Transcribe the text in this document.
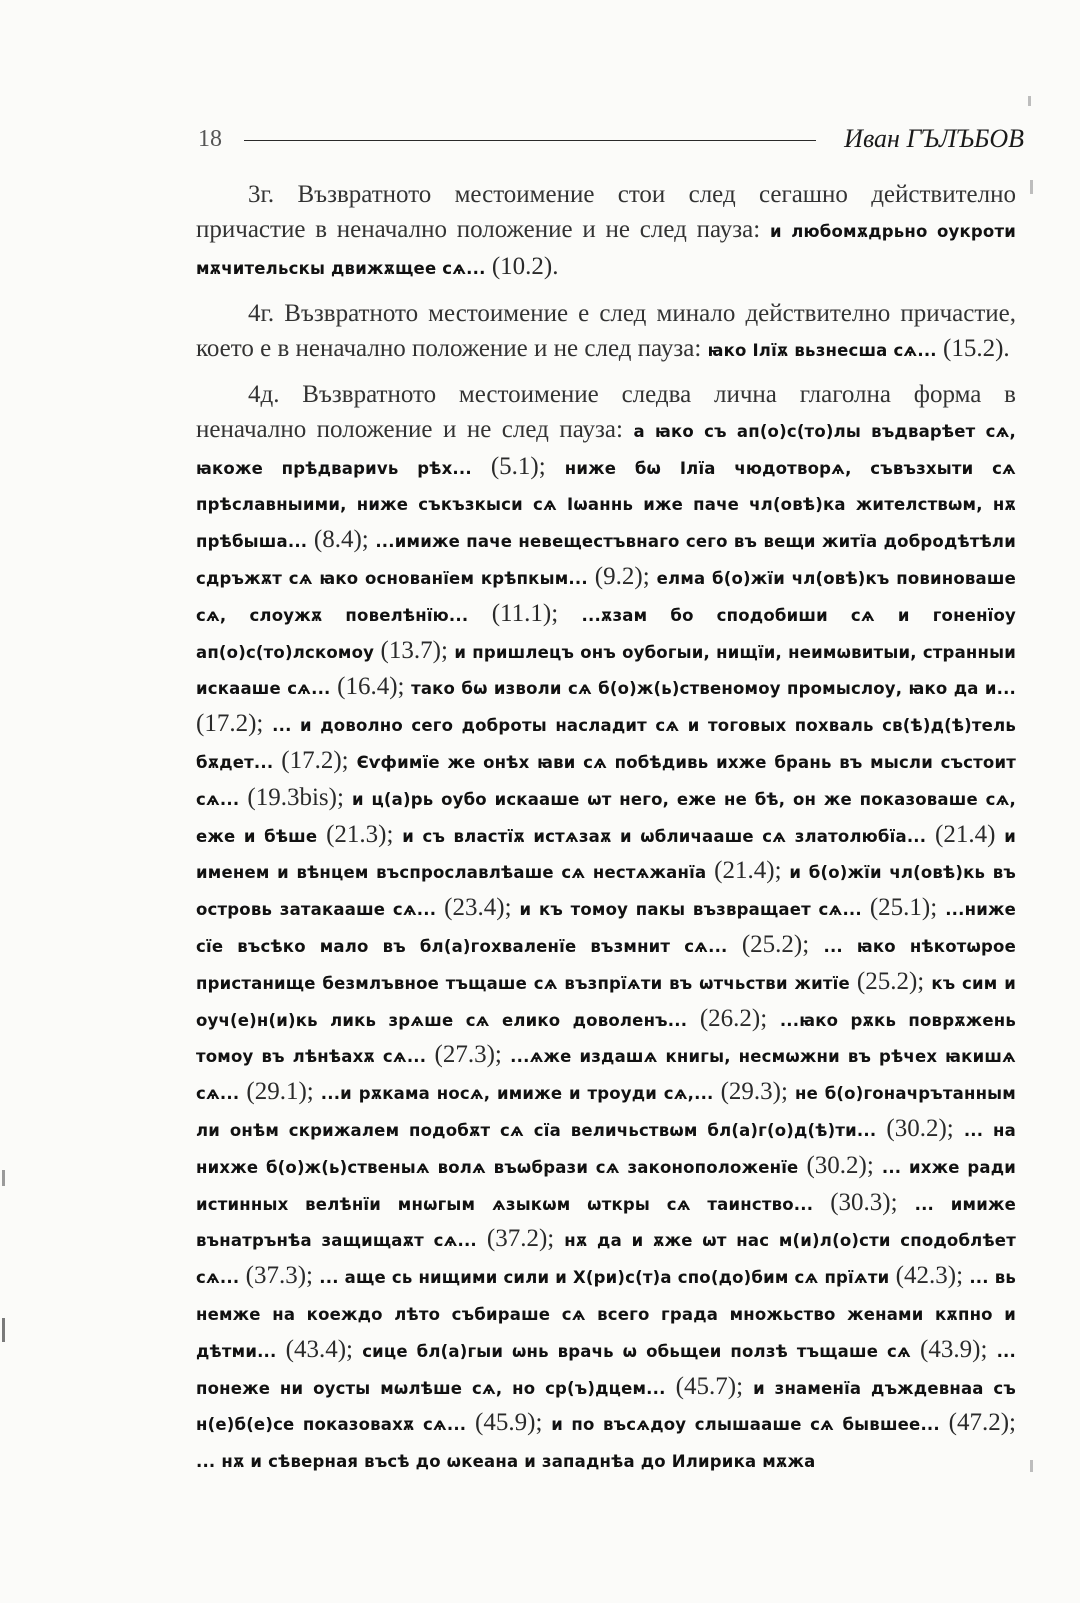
18	Иван ГЪЛЪБОВ

3г. Възвратното местоимение стои след сегашно действително причастие в неначално положение и не след пауза: и любомѫдрьно оукроти мѫчительскы движѫщее сѧ... (10.2).

4г. Възвратното местоимение е след минало действително причастие, което е в неначално положение и не след пауза: ꙗко Ιлїѫ вьзнесша сѧ... (15.2).

4д. Възвратното местоимение следва лична глаголна форма в неначално положение и не след пауза: а ꙗко съ ап(о)с(то)лы въдварѣет сѧ, ꙗкоже прѣдвариvь рѣх... (5.1); ниже бѡ Ιлїа чюдотворѧ, съвъзхыти сѧ прѣславныими, ниже съкъзкыси сѧ Ιѡаннь иже паче чл(овѣ)ка жителствѡм, нѫ прѣбыша... (8.4); ...имиже паче невещестъвнаго сего въ вещи житїа добродѣтѣли сдръжѫт сѧ ꙗко основанїем крѣпкым... (9.2); елма б(о)жїи чл(овѣ)къ повиноваше сѧ, слоужѫ повелѣнїю... (11.1); ...ѫзам бо сподобиши сѧ и гоненїоу ап(о)с(то)лскомоу (13.7); и пришлецъ онъ оубогыи, нищїи, неимѡвитыи, странныи искааше сѧ... (16.4); тако бѡ изволи сѧ б(о)ж(ь)ственомоу промыслоу, ꙗко да и... (17.2); ... и доволно сего доброты насладит сѧ и тоговых похваль св(ѣ)д(ѣ)тель бѫдет... (17.2); Єѵфимїе же онѣх ꙗви сѧ побѣдивь ихже брань въ мысли състоит сѧ... (19.3bis); и ц(а)рь оубо искааше ѡт него, еже не бѣ, он же показоваше сѧ, еже и бѣше (21.3); и съ властїѫ истѧзаѫ и ѡбличааше сѧ златолюбїа... (21.4) и именем и вѣнцем въспрославлѣаше сѧ нестѧжанїа (21.4); и б(о)жїи чл(овѣ)кь въ островь затакааше сѧ... (23.4); и къ томоу пакы възвращает сѧ... (25.1); ...ниже сїе въсѣко мало въ бл(а)гохваленїе възмнит сѧ... (25.2); ... ꙗко нѣкотѡрое пристанище безмлъвное тъщаше сѧ възпрїѧти въ ѡтчьстви житїе (25.2); къ сим и оуч(е)н(и)кь ликь зрѧше сѧ елико доволенъ... (26.2); ...ꙗко рѫкь поврѫжень томоу въ лѣнѣахѫ сѧ... (27.3); ...ѧже издашѧ книгы, несмѡжни въ рѣчех ꙗкишѧ сѧ... (29.1); ...и рѫкама носѧ, имиже и троуди сѧ,... (29.3); не б(о)гоначрътанным ли онѣм скрижалем подобѫт сѧ сїа величьствѡм бл(а)г(о)д(ѣ)ти... (30.2); ... на нихже б(о)ж(ь)ственыѧ волѧ въѡбрази сѧ законоположенїе (30.2); ... ихже ради истинных велѣнїи мнѡгым ѧзыкѡм ѡткры сѧ таинство... (30.3); ... имиже вънатрънѣа защищаѫт сѧ... (37.2); нѫ да и ѫже ѡт нас м(и)л(о)сти сподоблѣет сѧ... (37.3); ... аще сь нищими сили и Х(ри)с(т)а спо(до)бим сѧ прїѧти (42.3); ... вь немже на коеждо лѣто събираше сѧ всего града множьство женами кѫпно и дѣтми... (43.4); сице бл(а)гыи ѡнь врачь ѡ обьщеи ползѣ тъщаше сѧ (43.9); ... понеже ни оусты мѡлѣше сѧ, но ср(ъ)дцем... (45.7); и знаменїа дъждевнаа съ н(е)б(е)се показовахѫ сѧ... (45.9); и по въсѧдоу слышааше сѧ бывшее... (47.2); ... нѫ и сѣверная въсѣ до ѡкеана и западнѣа до Илирика мѫжа
